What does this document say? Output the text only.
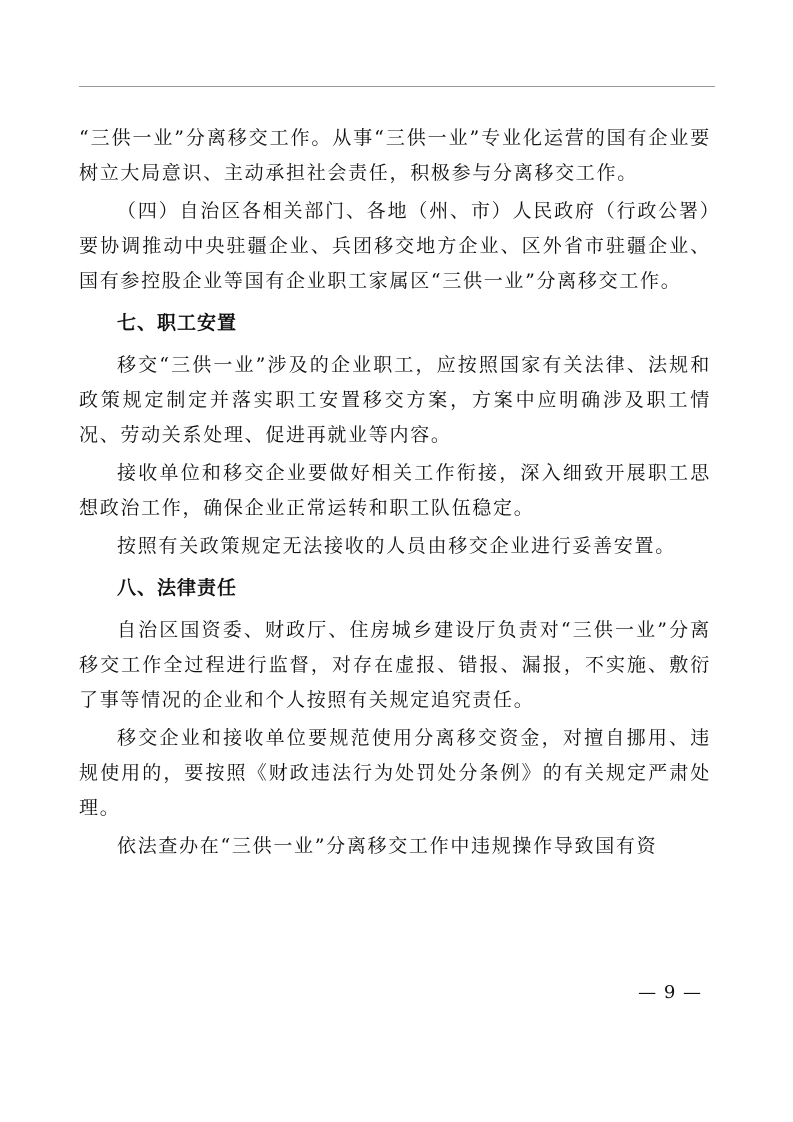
“三供一业”分离移交工作。从事“三供一业”专业化运营的国有企业要树立大局意识、主动承担社会责任，积极参与分离移交工作。

（四）自治区各相关部门、各地（州、市）人民政府（行政公署）要协调推动中央驻疆企业、兵团移交地方企业、区外省市驻疆企业、国有参控股企业等国有企业职工家属区“三供一业”分离移交工作。

七、职工安置

移交“三供一业”涉及的企业职工，应按照国家有关法律、法规和政策规定制定并落实职工安置移交方案，方案中应明确涉及职工情况、劳动关系处理、促进再就业等内容。

接收单位和移交企业要做好相关工作衔接，深入细致开展职工思想政治工作，确保企业正常运转和职工队伍稳定。

按照有关政策规定无法接收的人员由移交企业进行妥善安置。

八、法律责任

自治区国资委、财政厅、住房城乡建设厅负责对“三供一业”分离移交工作全过程进行监督，对存在虚报、错报、漏报，不实施、敷衍了事等情况的企业和个人按照有关规定追究责任。

移交企业和接收单位要规范使用分离移交资金，对擅自挪用、违规使用的，要按照《财政违法行为处罚处分条例》的有关规定严肃处理。

依法查办在“三供一业”分离移交工作中违规操作导致国有资

— 9 —
